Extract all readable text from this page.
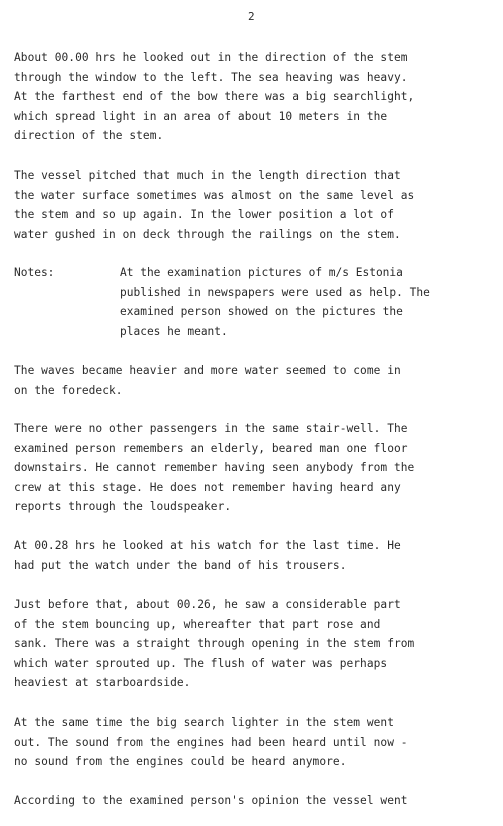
2
About 00.00 hrs he looked out in the direction of the stem
through the window to the left. The sea heaving was heavy.
At the farthest end of the bow there was a big searchlight,
which spread light in an area of about 10 meters in the
direction of the stem.
The vessel pitched that much in the length direction that
the water surface sometimes was almost on the same level as
the stem and so up again. In the lower position a lot of
water gushed in on deck through the railings on the stem.
Notes:	At the examination pictures of m/s Estonia
published in newspapers were used as help. The
examined person showed on the pictures the
places he meant.
The waves became heavier and more water seemed to come in
on the foredeck.
There were no other passengers in the same stair-well. The
examined person remembers an elderly, beared man one floor
downstairs. He cannot remember having seen anybody from the
crew at this stage. He does not remember having heard any
reports through the loudspeaker.
At 00.28 hrs he looked at his watch for the last time. He
had put the watch under the band of his trousers.
Just before that, about 00.26, he saw a considerable part
of the stem bouncing up, whereafter that part rose and
sank. There was a straight through opening in the stem from
which water sprouted up. The flush of water was perhaps
heaviest at starboardside.
At the same time the big search lighter in the stem went
out. The sound from the engines had been heard until now -
no sound from the engines could be heard anymore.
According to the examined person's opinion the vessel went
